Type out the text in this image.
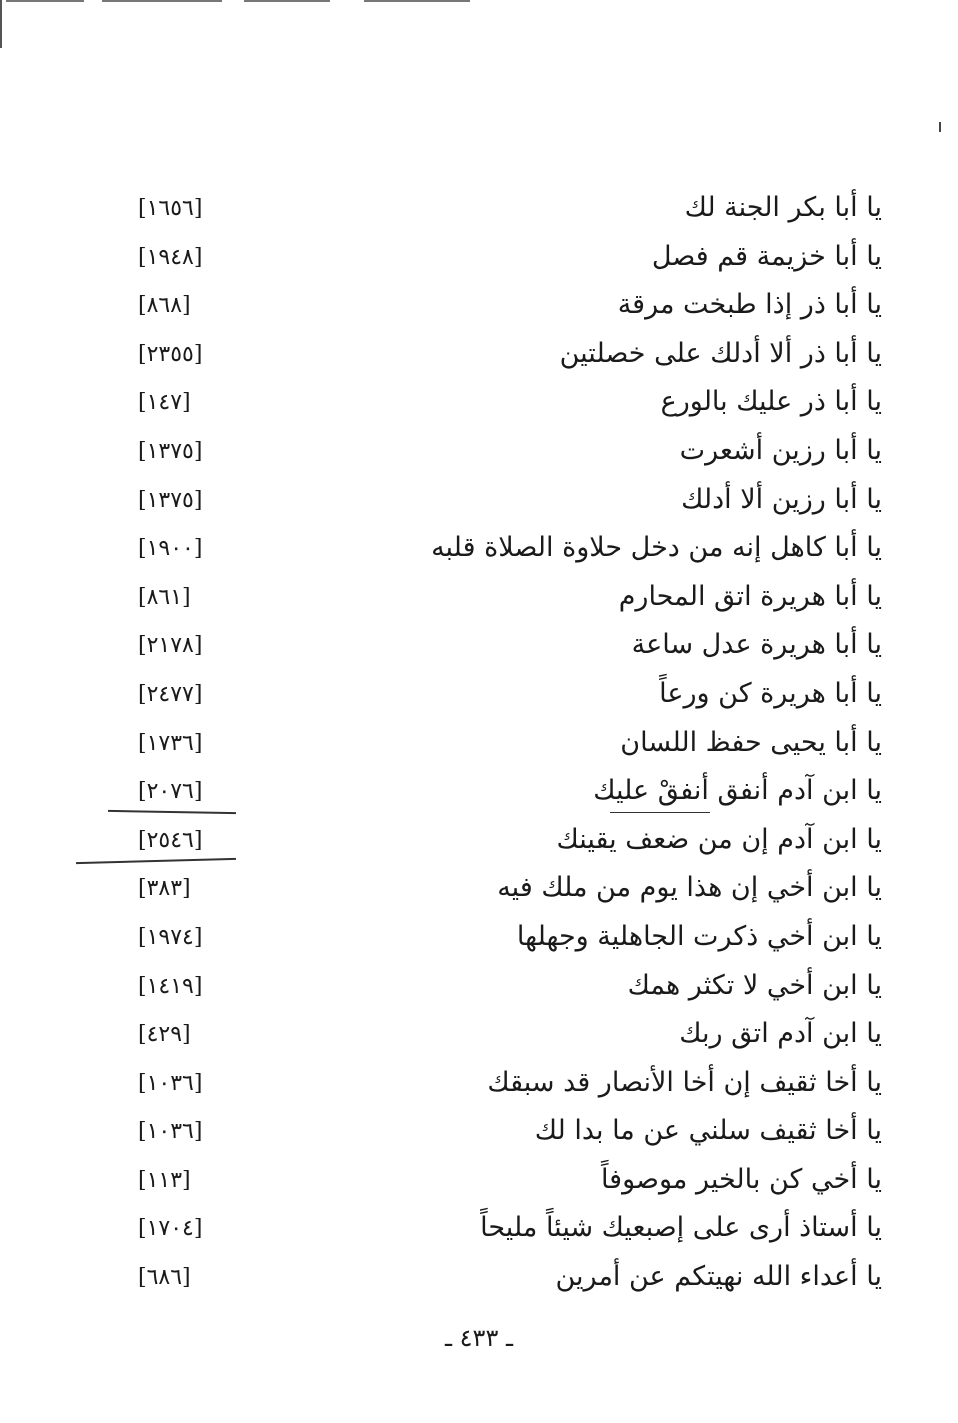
يا أبا بكر الجنة لك
[١٦٥٦]
يا أبا خزيمة قم فصل
[١٩٤٨]
يا أبا ذر إذا طبخت مرقة
[٨٦٨]
يا أبا ذر ألا أدلك على خصلتين
[٢٣٥٥]
يا أبا ذر عليك بالورع
[١٤٧]
يا أبا رزين أشعرت
[١٣٧٥]
يا أبا رزين ألا أدلك
[١٣٧٥]
يا أبا كاهل إنه من دخل حلاوة الصلاة قلبه
[١٩٠٠]
يا أبا هريرة اتق المحارم
[٨٦١]
يا أبا هريرة عدل ساعة
[٢١٧٨]
يا أبا هريرة كن ورعاً
[٢٤٧٧]
يا أبا يحيى حفظ اللسان
[١٧٣٦]
يا ابن آدم أنفق أنفقْ عليك
[٢٠٧٦]
يا ابن آدم إن من ضعف يقينك
[٢٥٤٦]
يا ابن أخي إن هذا يوم من ملك فيه
[٣٨٣]
يا ابن أخي ذكرت الجاهلية وجهلها
[١٩٧٤]
يا ابن أخي لا تكثر همك
[١٤١٩]
يا ابن آدم اتق ربك
[٤٢٩]
يا أخا ثقيف إن أخا الأنصار قد سبقك
[١٠٣٦]
يا أخا ثقيف سلني عن ما بدا لك
[١٠٣٦]
يا أخي كن بالخير موصوفاً
[١١٣]
يا أستاذ أرى على إصبعيك شيئاً مليحاً
[١٧٠٤]
يا أعداء الله نهيتكم عن أمرين
[٦٨٦]
ـ ٤٣٣ ـ
